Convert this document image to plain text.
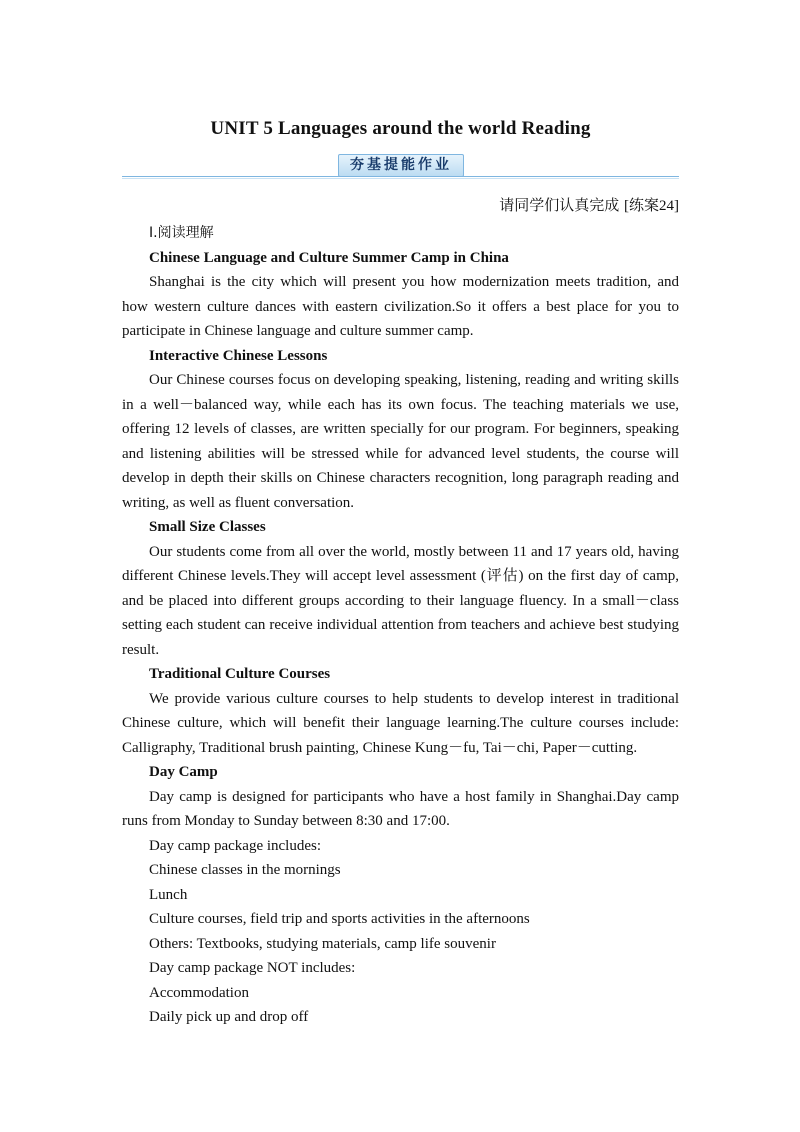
UNIT 5 Languages around the world Reading
夯基提能作业
请同学们认真完成 [练案24]

Ⅰ.阅读理解

Chinese Language and Culture Summer Camp in China

Shanghai is the city which will present you how modernization meets tradition, and how western culture dances with eastern civilization.So it offers a best place for you to participate in Chinese language and culture summer camp.

Interactive Chinese Lessons

Our Chinese courses focus on developing speaking, listening, reading and writing skills in a well－balanced way, while each has its own focus. The teaching materials we use, offering 12 levels of classes, are written specially for our program. For beginners, speaking and listening abilities will be stressed while for advanced level students, the course will develop in depth their skills on Chinese characters recognition, long paragraph reading and writing, as well as fluent conversation.

Small Size Classes

Our students come from all over the world, mostly between 11 and 17 years old, having different Chinese levels.They will accept level assessment (评估) on the first day of camp, and be placed into different groups according to their language fluency. In a small－class setting each student can receive individual attention from teachers and achieve best studying result.

Traditional Culture Courses

We provide various culture courses to help students to develop interest in traditional Chinese culture, which will benefit their language learning.The culture courses include: Calligraphy, Traditional brush painting, Chinese Kung－fu, Tai－chi, Paper－cutting.

Day Camp

Day camp is designed for participants who have a host family in Shanghai.Day camp runs from Monday to Sunday between 8:30 and 17:00.

Day camp package includes:

Chinese classes in the mornings

Lunch

Culture courses, field trip and sports activities in the afternoons

Others: Textbooks, studying materials, camp life souvenir

Day camp package NOT includes:

Accommodation

Daily pick up and drop off
